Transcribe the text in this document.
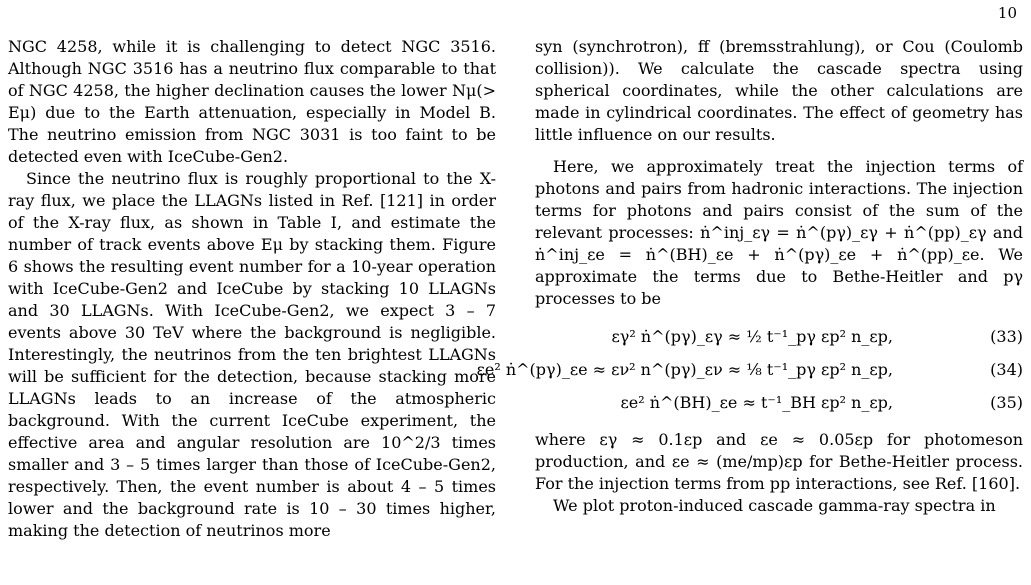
10

NGC 4258, while it is challenging to detect NGC 3516. Although NGC 3516 has a neutrino flux comparable to that of NGC 4258, the higher declination causes the lower Nμ(> Eμ) due to the Earth attenuation, especially in Model B. The neutrino emission from NGC 3031 is too faint to be detected even with IceCube-Gen2.

Since the neutrino flux is roughly proportional to the X-ray flux, we place the LLAGNs listed in Ref. [121] in order of the X-ray flux, as shown in Table I, and estimate the number of track events above Eμ by stacking them. Figure 6 shows the resulting event number for a 10-year operation with IceCube-Gen2 and IceCube by stacking 10 LLAGNs and 30 LLAGNs. With IceCube-Gen2, we expect 3 – 7 events above 30 TeV where the background is negligible. Interestingly, the neutrinos from the ten brightest LLAGNs will be sufficient for the detection, because stacking more LLAGNs leads to an increase of the atmospheric background. With the current IceCube experiment, the effective area and angular resolution are 10^2/3 times smaller and 3 – 5 times larger than those of IceCube-Gen2, respectively. Then, the event number is about 4 – 5 times lower and the background rate is 10 – 30 times higher, making the detection of neutrinos more

syn (synchrotron), ff (bremsstrahlung), or Cou (Coulomb collision)). We calculate the cascade spectra using spherical coordinates, while the other calculations are made in cylindrical coordinates. The effect of geometry has little influence on our results.

Here, we approximately treat the injection terms of photons and pairs from hadronic interactions. The injection terms for photons and pairs consist of the sum of the relevant processes: ṅ^inj_εγ = ṅ^(pγ)_εγ + ṅ^(pp)_εγ and ṅ^inj_εe = ṅ^(BH)_εe + ṅ^(pγ)_εe + ṅ^(pp)_εe. We approximate the terms due to Bethe-Heitler and pγ processes to be

εγ² ṅ^(pγ)_εγ ≈ ½ t⁻¹_pγ εp² n_εp,	(33)
εe² ṅ^(pγ)_εe ≈ εν² n^(pγ)_εν ≈ ⅛ t⁻¹_pγ εp² n_εp,	(34)
εe² ṅ^(BH)_εe ≈ t⁻¹_BH εp² n_εp,	(35)

where εγ ≈ 0.1εp and εe ≈ 0.05εp for photomeson production, and εe ≈ (me/mp)εp for Bethe-Heitler process. For the injection terms from pp interactions, see Ref. [160].

We plot proton-induced cascade gamma-ray spectra in
